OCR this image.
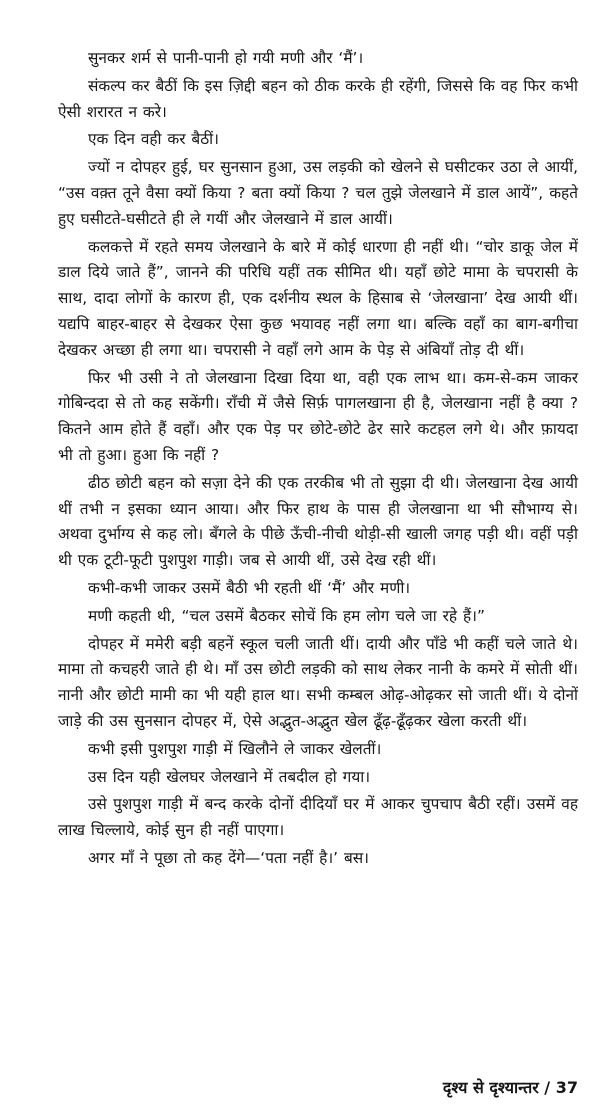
सुनकर शर्म से पानी-पानी हो गयी मणी और ‘मैं’।

संकल्प कर बैठीं कि इस ज़िद्दी बहन को ठीक करके ही रहेंगी, जिससे कि वह फिर कभी ऐसी शरारत न करे।

एक दिन वही कर बैठीं।

ज्यों न दोपहर हुई, घर सुनसान हुआ, उस लड़की को खेलने से घसीटकर उठा ले आयीं, “उस वक़्त तूने वैसा क्यों किया ? बता क्यों किया ? चल तुझे जेलखाने में डाल आयें”, कहते हुए घसीटते-घसीटते ही ले गयीं और जेलखाने में डाल आयीं।

कलकत्ते में रहते समय जेलखाने के बारे में कोई धारणा ही नहीं थी। “चोर डाकू जेल में डाल दिये जाते हैं”, जानने की परिधि यहीं तक सीमित थी। यहाँ छोटे मामा के चपरासी के साथ, दादा लोगों के कारण ही, एक दर्शनीय स्थल के हिसाब से ‘जेलखाना’ देख आयी थीं। यद्यपि बाहर-बाहर से देखकर ऐसा कुछ भयावह नहीं लगा था। बल्कि वहाँ का बाग-बगीचा देखकर अच्छा ही लगा था। चपरासी ने वहाँ लगे आम के पेड़ से अंबियाँ तोड़ दी थीं।

फिर भी उसी ने तो जेलखाना दिखा दिया था, वही एक लाभ था। कम-से-कम जाकर गोबिन्ददा से तो कह सकेंगी। राँची में जैसे सिर्फ़ पागलखाना ही है, जेलखाना नहीं है क्या ? कितने आम होते हैं वहाँ। और एक पेड़ पर छोटे-छोटे ढेर सारे कटहल लगे थे। और फ़ायदा भी तो हुआ। हुआ कि नहीं ?

ढीठ छोटी बहन को सज़ा देने की एक तरकीब भी तो सुझा दी थी। जेलखाना देख आयी थीं तभी न इसका ध्यान आया। और फिर हाथ के पास ही जेलखाना था भी सौभाग्य से। अथवा दुर्भाग्य से कह लो। बँगले के पीछे ऊँची-नीची थोड़ी-सी खाली जगह पड़ी थी। वहीं पड़ी थी एक टूटी-फूटी पुशपुश गाड़ी। जब से आयी थीं, उसे देख रही थीं।

कभी-कभी जाकर उसमें बैठी भी रहती थीं ‘मैं’ और मणी।

मणी कहती थी, “चल उसमें बैठकर सोचें कि हम लोग चले जा रहे हैं।”

दोपहर में ममेरी बड़ी बहनें स्कूल चली जाती थीं। दायी और पाँडे भी कहीं चले जाते थे। मामा तो कचहरी जाते ही थे। माँ उस छोटी लड़की को साथ लेकर नानी के कमरे में सोती थीं। नानी और छोटी मामी का भी यही हाल था। सभी कम्बल ओढ़-ओढ़कर सो जाती थीं। ये दोनों जाड़े की उस सुनसान दोपहर में, ऐसे अद्भुत-अद्भुत खेल ढूँढ़-ढूँढ़कर खेला करती थीं।

कभी इसी पुशपुश गाड़ी में खिलौने ले जाकर खेलतीं।

उस दिन यही खेलघर जेलखाने में तबदील हो गया।

उसे पुशपुश गाड़ी में बन्द करके दोनों दीदियाँ घर में आकर चुपचाप बैठी रहीं। उसमें वह लाख चिल्लाये, कोई सुन ही नहीं पाएगा।

अगर माँ ने पूछा तो कह देंगे—‘पता नहीं है।’ बस।

दृश्य से दृश्यान्तर / 37
